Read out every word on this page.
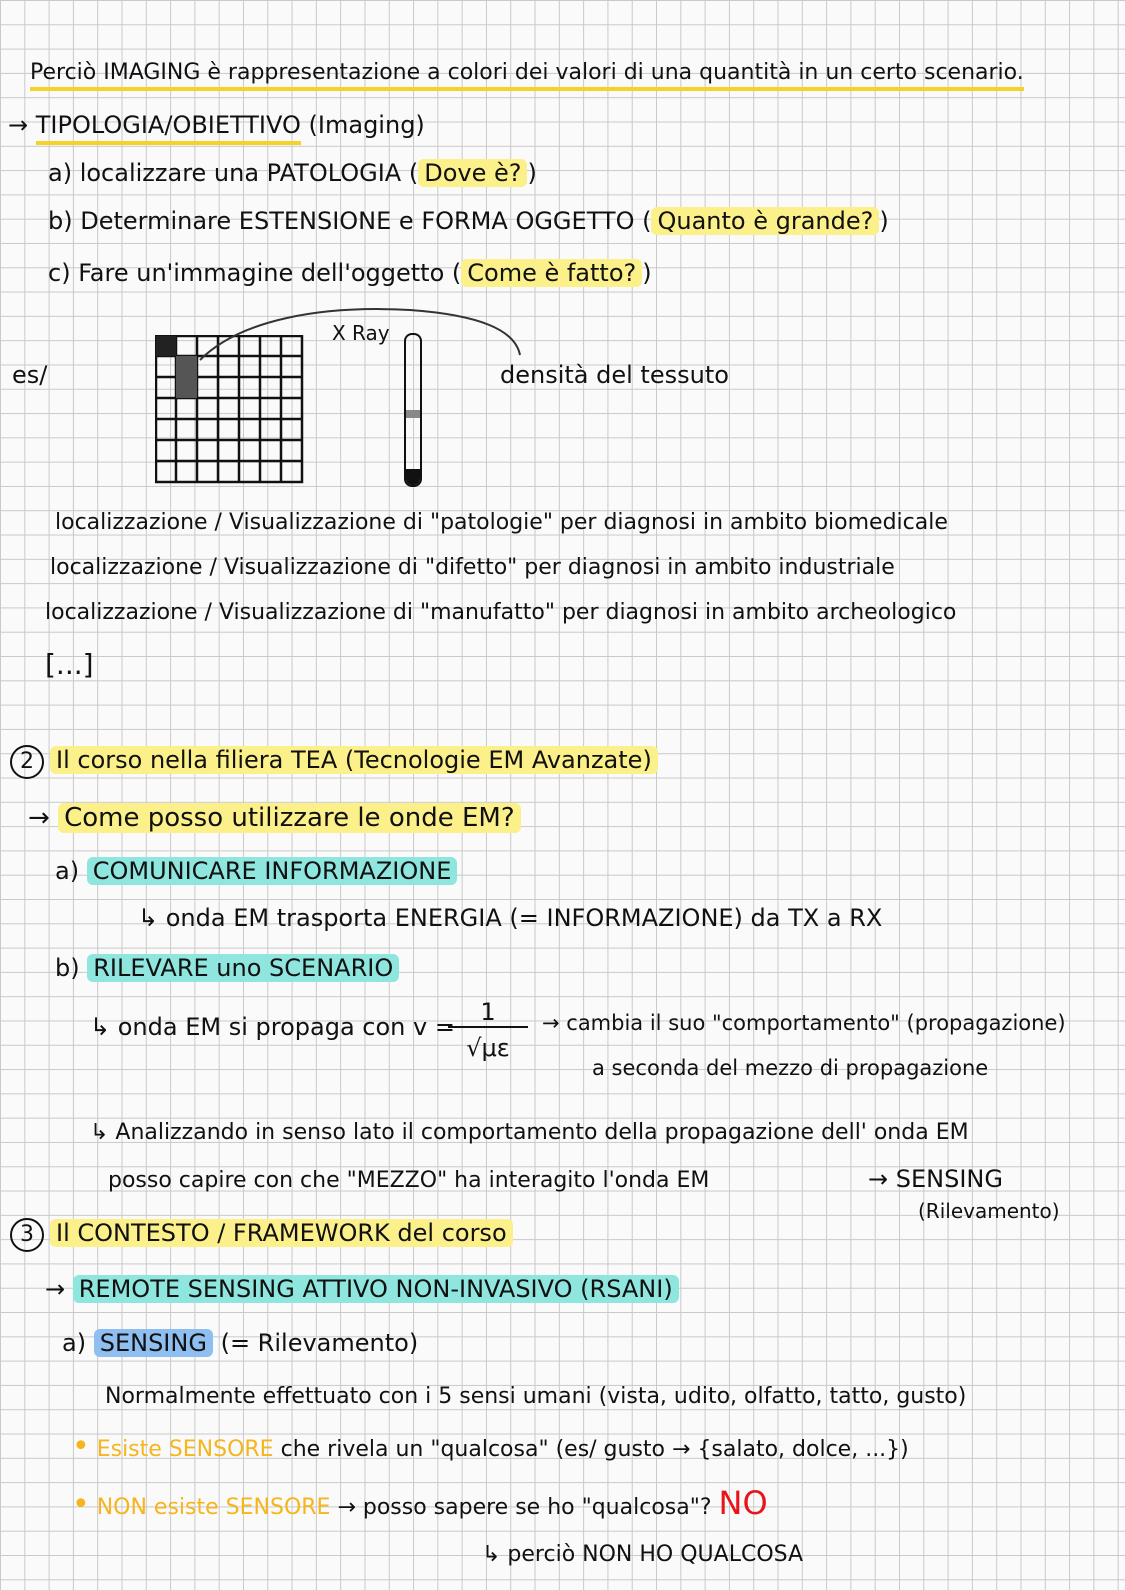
Perciò IMAGING è rappresentazione a colori dei valori di una quantità in un certo scenario.
→ TIPOLOGIA/OBIETTIVO (Imaging)
a) localizzare una PATOLOGIA ( Dove è? )
b) Determinare ESTENSIONE e FORMA OGGETTO ( Quanto è grande? )
c) Fare un'immagine dell'oggetto ( Come è fatto? )
es/
X Ray
densità del tessuto
localizzazione / Visualizzazione di "patologie" per diagnosi in ambito biomedicale
localizzazione / Visualizzazione di "difetto" per diagnosi in ambito industriale
localizzazione / Visualizzazione di "manufatto" per diagnosi in ambito archeologico
[...]
2 Il corso nella filiera TEA (Tecnologie EM Avanzate)
→ Come posso utilizzare le onde EM?
a) COMUNICARE INFORMAZIONE
↳ onda EM trasporta ENERGIA (= INFORMAZIONE) da TX a RX
b) RILEVARE uno SCENARIO
↳ onda EM si propaga con v =
1
√με
→ cambia il suo "comportamento" (propagazione)
a seconda del mezzo di propagazione
↳ Analizzando in senso lato il comportamento della propagazione dell' onda EM
posso capire con che "MEZZO" ha interagito l'onda EM	→ SENSING
(Rilevamento)
3 Il CONTESTO / FRAMEWORK del corso
→ REMOTE SENSING ATTIVO NON-INVASIVO (RSANI)
a) SENSING (= Rilevamento)
Normalmente effettuato con i 5 sensi umani (vista, udito, olfatto, tatto, gusto)
• Esiste SENSORE che rivela un "qualcosa" (es/ gusto → {salato, dolce, ...})
• NON esiste SENSORE → posso sapere se ho "qualcosa"? NO
↳ perciò NON HO QUALCOSA
